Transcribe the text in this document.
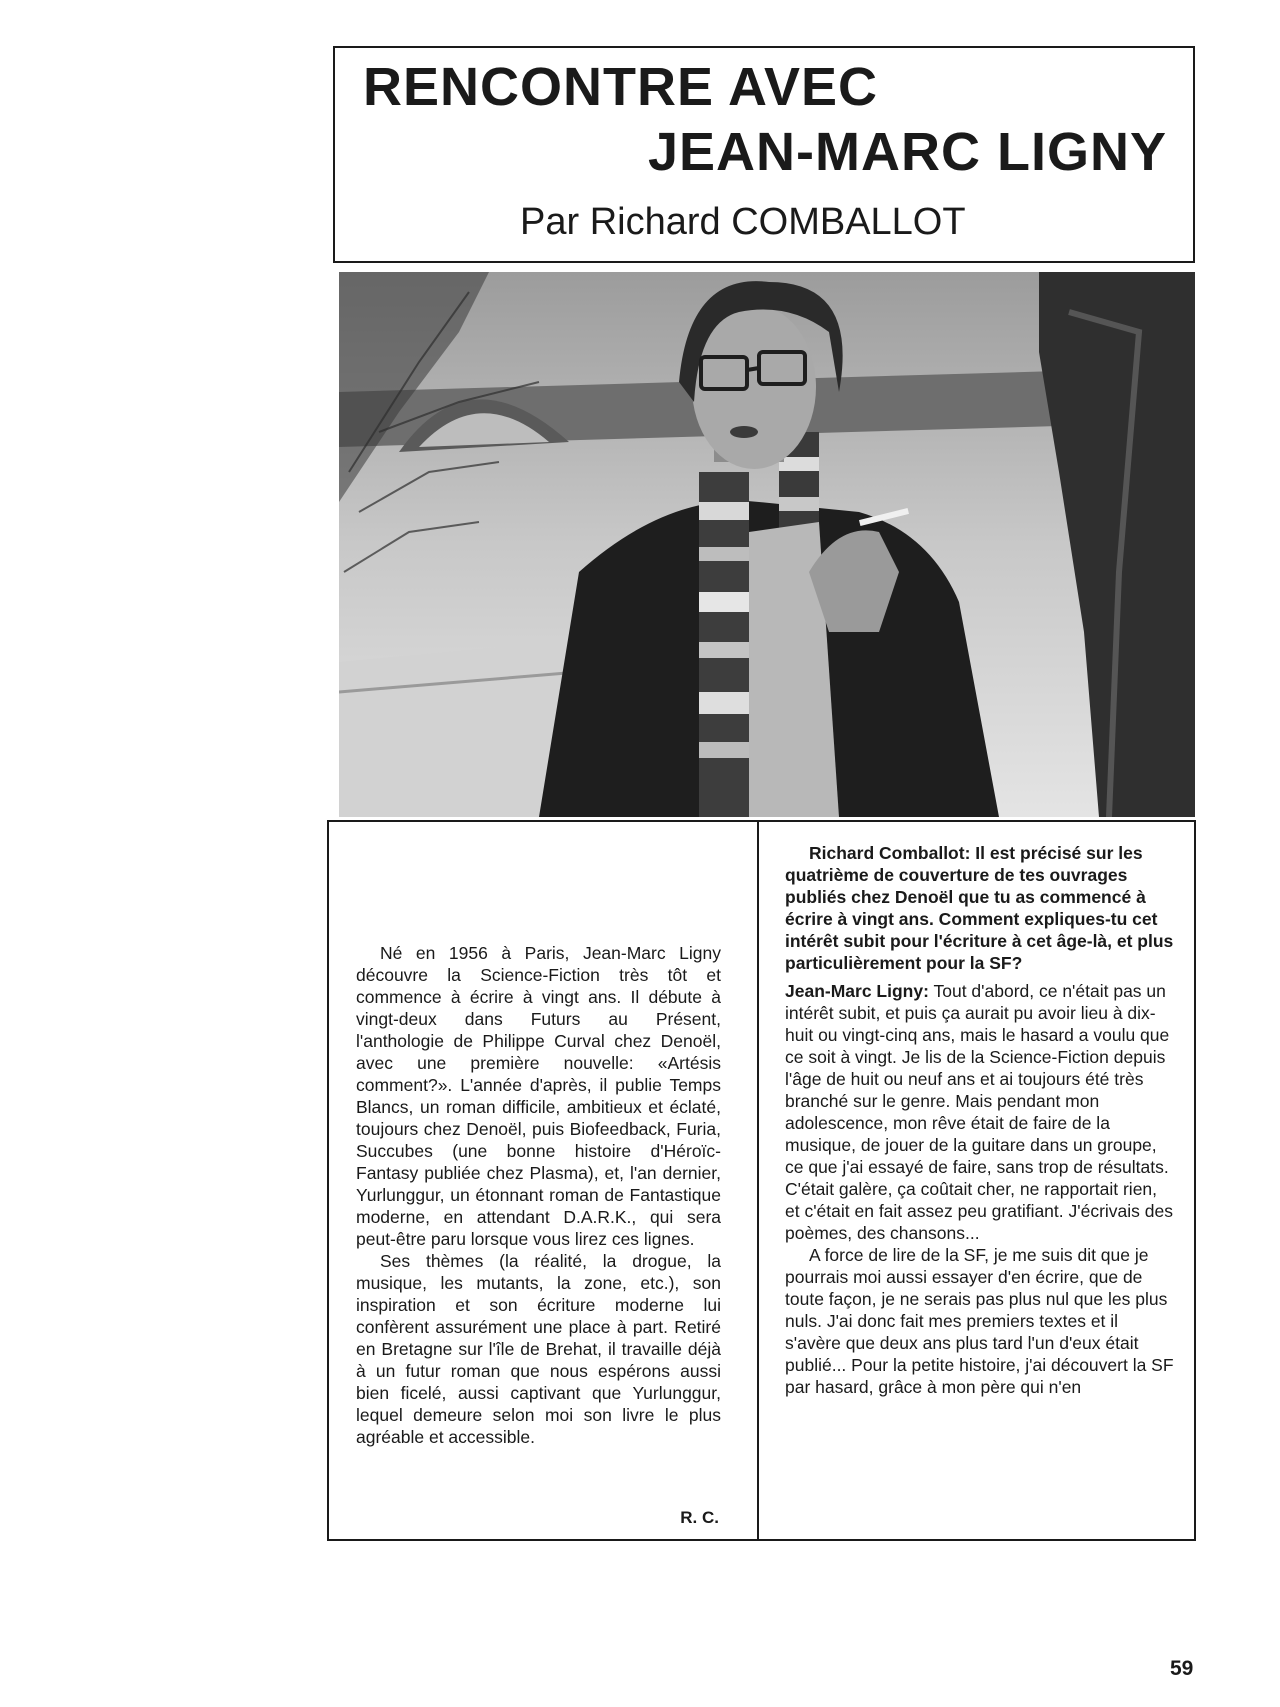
RENCONTRE AVEC
JEAN-MARC LIGNY
Par Richard COMBALLOT

Né en 1956 à Paris, Jean-Marc Ligny découvre la Science-Fiction très tôt et commence à écrire à vingt ans. Il débute à vingt-deux dans Futurs au Présent, l'anthologie de Philippe Curval chez Denoël, avec une première nouvelle: «Artésis comment?». L'année d'après, il publie Temps Blancs, un roman difficile, ambitieux et éclaté, toujours chez Denoël, puis Biofeedback, Furia, Succubes (une bonne histoire d'Héroïc-Fantasy publiée chez Plasma), et, l'an dernier, Yurlunggur, un étonnant roman de Fantastique moderne, en attendant D.A.R.K., qui sera peut-être paru lorsque vous lirez ces lignes.

Ses thèmes (la réalité, la drogue, la musique, les mutants, la zone, etc.), son inspiration et son écriture moderne lui confèrent assurément une place à part. Retiré en Bretagne sur l'île de Brehat, il travaille déjà à un futur roman que nous espérons aussi bien ficelé, aussi captivant que Yurlunggur, lequel demeure selon moi son livre le plus agréable et accessible.

R. C.

Richard Comballot: Il est précisé sur les quatrième de couverture de tes ouvrages publiés chez Denoël que tu as commencé à écrire à vingt ans. Comment expliques-tu cet intérêt subit pour l'écriture à cet âge-là, et plus particulièrement pour la SF?

Jean-Marc Ligny: Tout d'abord, ce n'était pas un intérêt subit, et puis ça aurait pu avoir lieu à dix-huit ou vingt-cinq ans, mais le hasard a voulu que ce soit à vingt. Je lis de la Science-Fiction depuis l'âge de huit ou neuf ans et ai toujours été très branché sur le genre. Mais pendant mon adolescence, mon rêve était de faire de la musique, de jouer de la guitare dans un groupe, ce que j'ai essayé de faire, sans trop de résultats. C'était galère, ça coûtait cher, ne rapportait rien, et c'était en fait assez peu gratifiant. J'écrivais des poèmes, des chansons...

A force de lire de la SF, je me suis dit que je pourrais moi aussi essayer d'en écrire, que de toute façon, je ne serais pas plus nul que les plus nuls. J'ai donc fait mes premiers textes et il s'avère que deux ans plus tard l'un d'eux était publié... Pour la petite histoire, j'ai découvert la SF par hasard, grâce à mon père qui n'en

59
